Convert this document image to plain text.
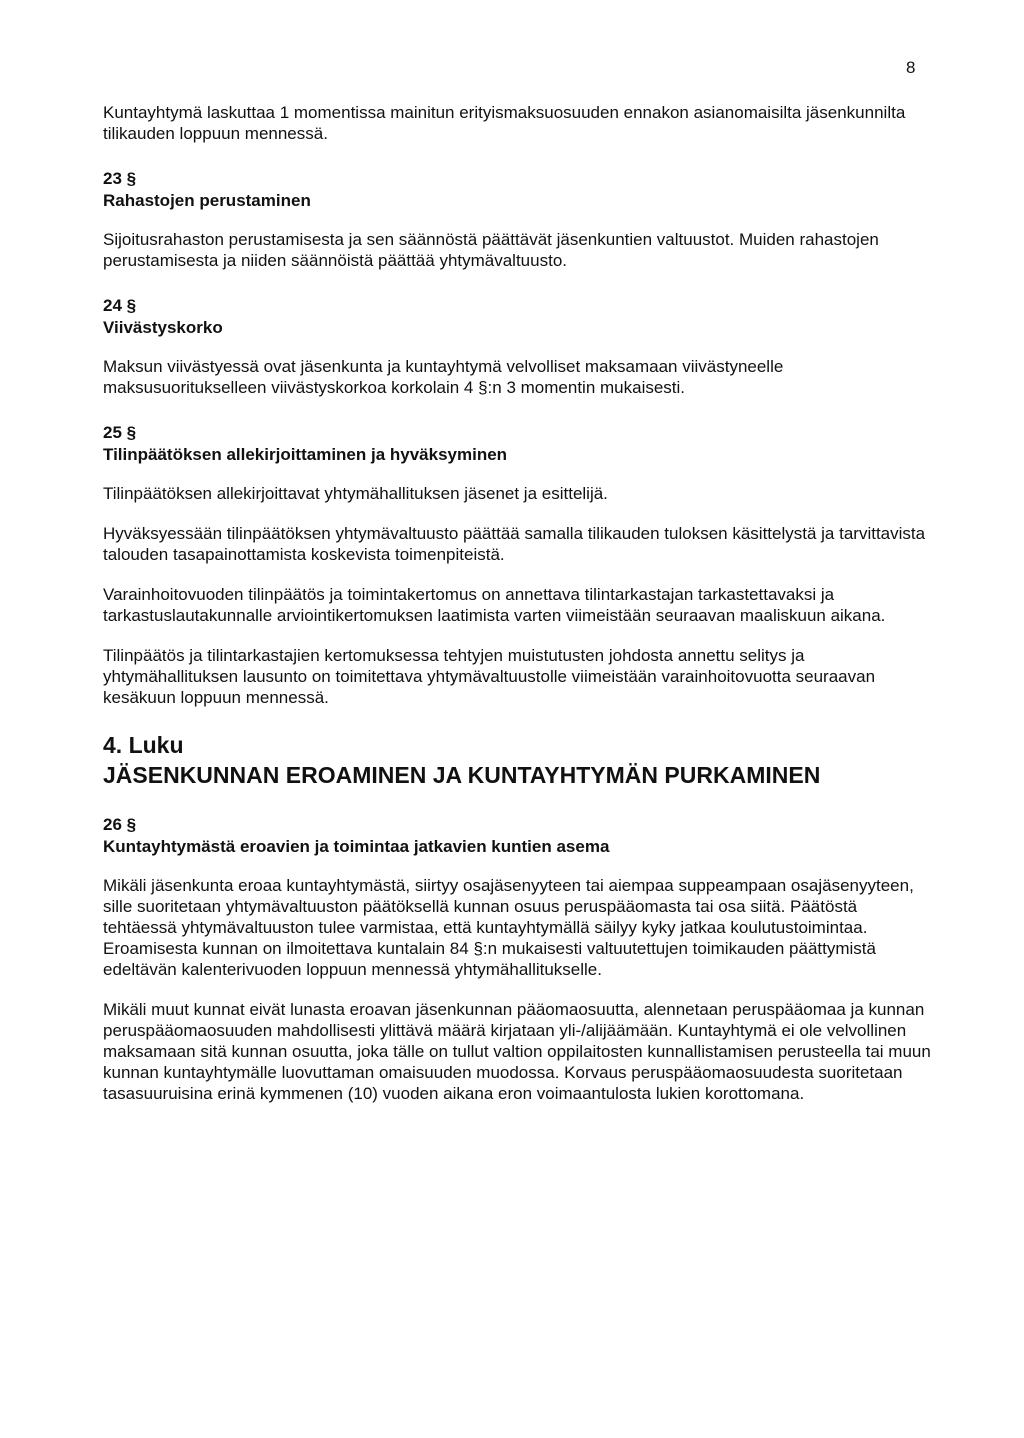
8

Kuntayhtymä laskuttaa 1 momentissa mainitun erityismaksuosuuden ennakon asianomaisilta jäsenkunnilta tilikauden loppuun mennessä.

23 §
Rahastojen perustaminen

Sijoitusrahaston perustamisesta ja sen säännöstä päättävät jäsenkuntien valtuustot. Muiden rahastojen perustamisesta ja niiden säännöistä päättää yhtymävaltuusto.

24 §
Viivästyskorko

Maksun viivästyessä ovat jäsenkunta ja kuntayhtymä velvolliset maksamaan viivästyneelle maksusuoritukselleen viivästyskorkoa korkolain 4 §:n 3 momentin mukaisesti.

25 §
Tilinpäätöksen allekirjoittaminen ja hyväksyminen

Tilinpäätöksen allekirjoittavat yhtymähallituksen jäsenet ja esittelijä.

Hyväksyessään tilinpäätöksen yhtymävaltuusto päättää samalla tilikauden tuloksen käsittelystä ja tarvittavista talouden tasapainottamista koskevista toimenpiteistä.

Varainhoitovuoden tilinpäätös ja toimintakertomus on annettava tilintarkastajan tarkastettavaksi ja tarkastuslautakunnalle arviointikertomuksen laatimista varten viimeistään seuraavan maaliskuun aikana.

Tilinpäätös ja tilintarkastajien kertomuksessa tehtyjen muistutusten johdosta annettu selitys ja yhtymähallituksen lausunto on toimitettava yhtymävaltuustolle viimeistään varainhoitovuotta seuraavan kesäkuun loppuun mennessä.

4. Luku
JÄSENKUNNAN EROAMINEN JA KUNTAYHTYMÄN PURKAMINEN
26 §
Kuntayhtymästä eroavien ja toimintaa jatkavien kuntien asema

Mikäli jäsenkunta eroaa kuntayhtymästä, siirtyy osajäsenyyteen tai aiempaa suppeampaan osajäsenyyteen, sille suoritetaan yhtymävaltuuston päätöksellä kunnan osuus peruspääomasta tai osa siitä. Päätöstä tehtäessä yhtymävaltuuston tulee varmistaa, että kuntayhtymällä säilyy kyky jatkaa koulutustoimintaa. Eroamisesta kunnan on ilmoitettava kuntalain 84 §:n mukaisesti valtuutettujen toimikauden päättymistä edeltävän kalenterivuoden loppuun mennessä yhtymähallitukselle.

Mikäli muut kunnat eivät lunasta eroavan jäsenkunnan pääomaosuutta, alennetaan peruspääomaa ja kunnan peruspääomaosuuden mahdollisesti ylittävä määrä kirjataan yli-/alijäämään. Kuntayhtymä ei ole velvollinen maksamaan sitä kunnan osuutta, joka tälle on tullut valtion oppilaitosten kunnallistamisen perusteella tai muun kunnan kuntayhtymälle luovuttaman omaisuuden muodossa. Korvaus peruspääomaosuudesta suoritetaan tasasuuruisina erinä kymmenen (10) vuoden aikana eron voimaantulosta lukien korottomana.
